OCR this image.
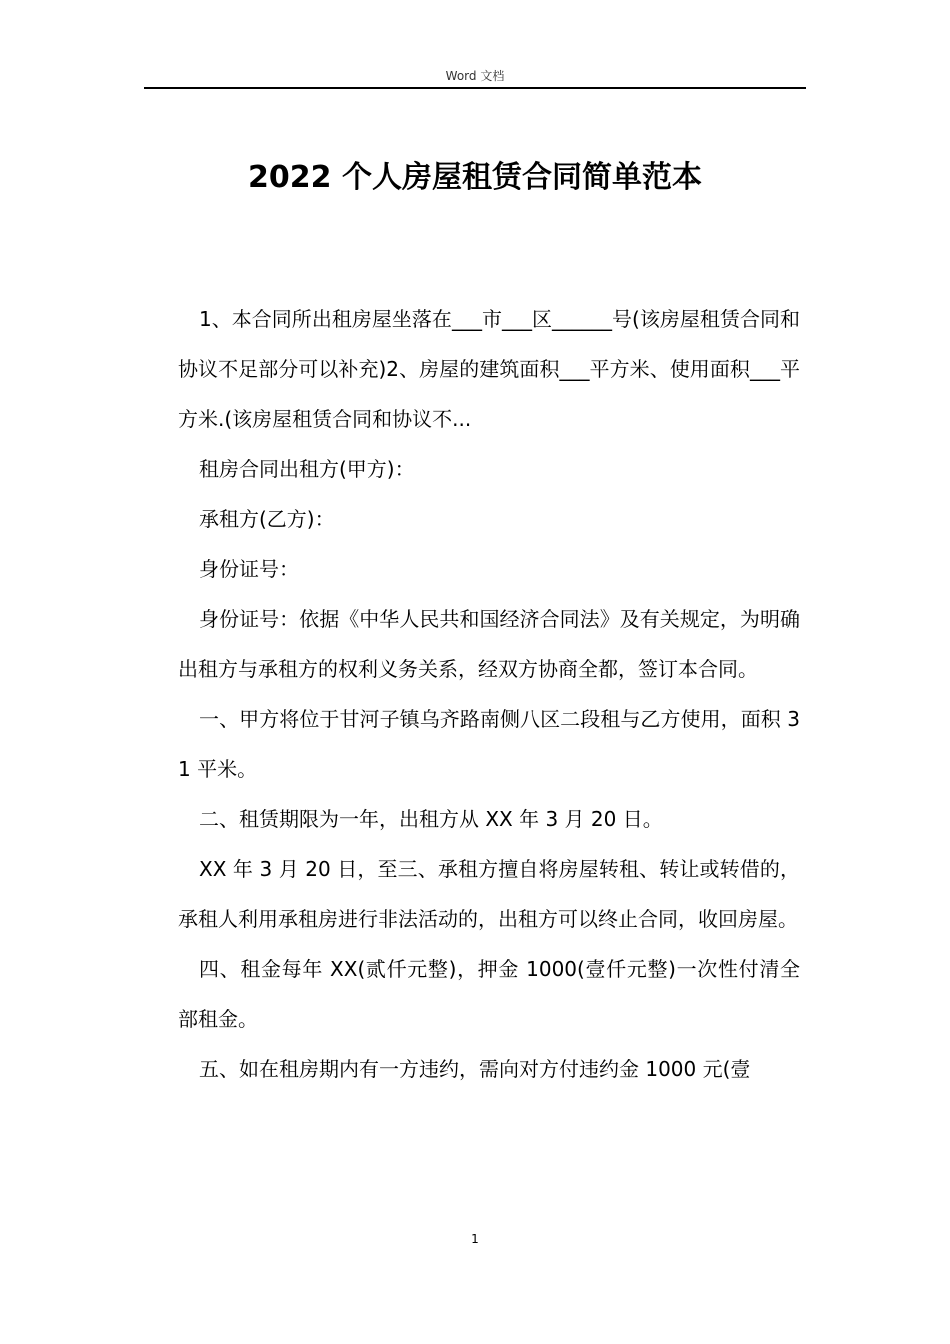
Word 文档
2022 个人房屋租赁合同简单范本

1、本合同所出租房屋坐落在___市___区______号(该房屋租赁合同和协议不足部分可以补充)2、房屋的建筑面积___平方米、使用面积___平方米.(该房屋租赁合同和协议不...

租房合同出租方(甲方)：

承租方(乙方)：

身份证号：

身份证号：依据《中华人民共和国经济合同法》及有关规定，为明确出租方与承租方的权利义务关系，经双方协商全都，签订本合同。

一、甲方将位于甘河子镇乌齐路南侧八区二段租与乙方使用，面积 31 平米。

二、租赁期限为一年，出租方从 XX 年 3 月 20 日。

XX 年 3 月 20 日，至三、承租方擅自将房屋转租、转让或转借的，承租人利用承租房进行非法活动的，出租方可以终止合同，收回房屋。

四、租金每年 XX(贰仟元整)，押金 1000(壹仟元整)一次性付清全部租金。

五、如在租房期内有一方违约，需向对方付违约金 1000 元(壹

1
